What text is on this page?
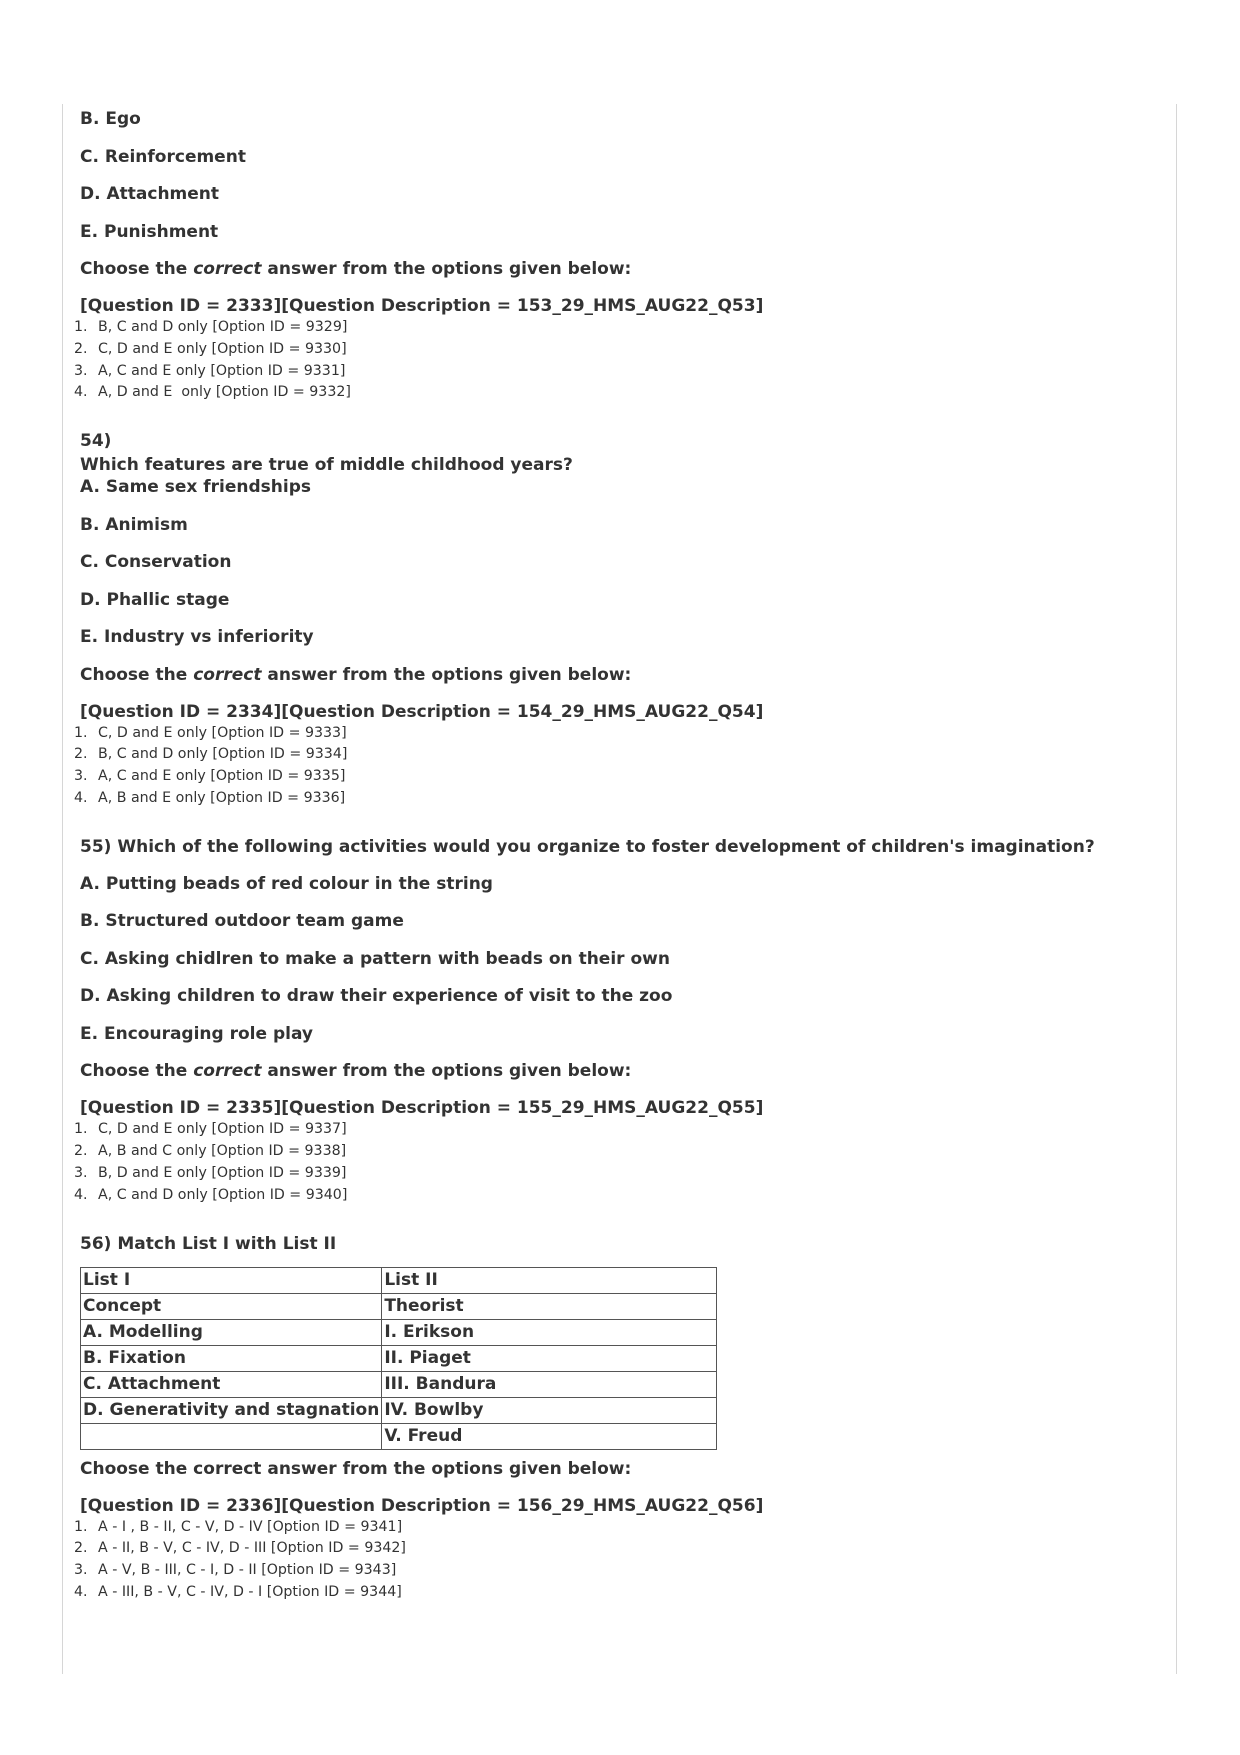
B. Ego

C. Reinforcement

D. Attachment

E. Punishment

Choose the correct answer from the options given below:

[Question ID = 2333][Question Description = 153_29_HMS_AUG22_Q53]

1. B, C and D only [Option ID = 9329]
2. C, D and E only [Option ID = 9330]
3. A, C and E only [Option ID = 9331]
4. A, D and E  only [Option ID = 9332]

54)

Which features are true of middle childhood years?

A. Same sex friendships

B. Animism

C. Conservation

D. Phallic stage

E. Industry vs inferiority

Choose the correct answer from the options given below:

[Question ID = 2334][Question Description = 154_29_HMS_AUG22_Q54]

1. C, D and E only [Option ID = 9333]
2. B, C and D only [Option ID = 9334]
3. A, C and E only [Option ID = 9335]
4. A, B and E only [Option ID = 9336]

55) Which of the following activities would you organize to foster development of children's imagination?

A. Putting beads of red colour in the string

B. Structured outdoor team game

C. Asking chidlren to make a pattern with beads on their own

D. Asking children to draw their experience of visit to the zoo

E. Encouraging role play

Choose the correct answer from the options given below:

[Question ID = 2335][Question Description = 155_29_HMS_AUG22_Q55]

1. C, D and E only [Option ID = 9337]
2. A, B and C only [Option ID = 9338]
3. B, D and E only [Option ID = 9339]
4. A, C and D only [Option ID = 9340]

56) Match List I with List II

List I	List II
Concept	Theorist
A. Modelling	I. Erikson
B. Fixation	II. Piaget
C. Attachment	III. Bandura
D. Generativity and stagnation	IV. Bowlby
	V. Freud

Choose the correct answer from the options given below:

[Question ID = 2336][Question Description = 156_29_HMS_AUG22_Q56]

1. A - I , B - II, C - V, D - IV [Option ID = 9341]
2. A - II, B - V, C - IV, D - III [Option ID = 9342]
3. A - V, B - III, C - I, D - II [Option ID = 9343]
4. A - III, B - V, C - IV, D - I [Option ID = 9344]
